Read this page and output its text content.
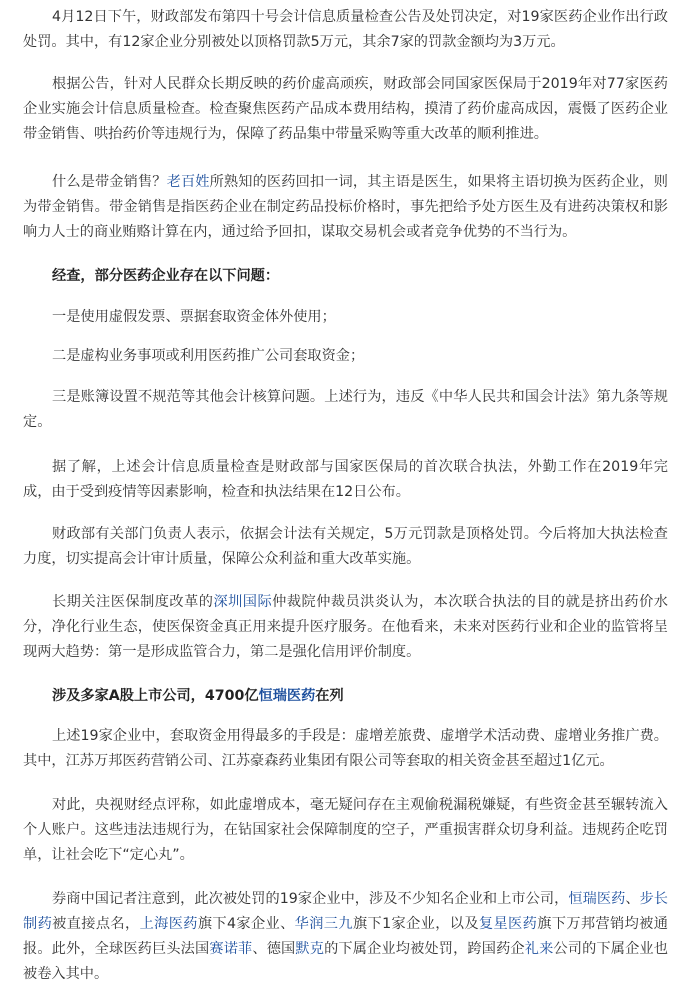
4月12日下午，财政部发布第四十号会计信息质量检查公告及处罚决定，对19家医药企业作出行政处罚。其中，有12家企业分别被处以顶格罚款5万元，其余7家的罚款金额均为3万元。

根据公告，针对人民群众长期反映的药价虚高顽疾，财政部会同国家医保局于2019年对77家医药企业实施会计信息质量检查。检查聚焦医药产品成本费用结构，摸清了药价虚高成因，震慑了医药企业带金销售、哄抬药价等违规行为，保障了药品集中带量采购等重大改革的顺利推进。

什么是带金销售？老百姓所熟知的医药回扣一词，其主语是医生，如果将主语切换为医药企业，则为带金销售。带金销售是指医药企业在制定药品投标价格时，事先把给予处方医生及有进药决策权和影响力人士的商业贿赂计算在内，通过给予回扣，谋取交易机会或者竞争优势的不当行为。

经查，部分医药企业存在以下问题：

一是使用虚假发票、票据套取资金体外使用；

二是虚构业务事项或利用医药推广公司套取资金；

三是账簿设置不规范等其他会计核算问题。上述行为，违反《中华人民共和国会计法》第九条等规定。

据了解，上述会计信息质量检查是财政部与国家医保局的首次联合执法，外勤工作在2019年完成，由于受到疫情等因素影响，检查和执法结果在12日公布。

财政部有关部门负责人表示，依据会计法有关规定，5万元罚款是顶格处罚。今后将加大执法检查力度，切实提高会计审计质量，保障公众利益和重大改革实施。

长期关注医保制度改革的深圳国际仲裁院仲裁员洪炎认为，本次联合执法的目的就是挤出药价水分，净化行业生态，使医保资金真正用来提升医疗服务。在他看来，未来对医药行业和企业的监管将呈现两大趋势：第一是形成监管合力，第二是强化信用评价制度。

涉及多家A股上市公司，4700亿恒瑞医药在列

上述19家企业中，套取资金用得最多的手段是：虚增差旅费、虚增学术活动费、虚增业务推广费。其中，江苏万邦医药营销公司、江苏豪森药业集团有限公司等套取的相关资金甚至超过1亿元。

对此，央视财经点评称，如此虚增成本，毫无疑问存在主观偷税漏税嫌疑，有些资金甚至辗转流入个人账户。这些违法违规行为，在钻国家社会保障制度的空子，严重损害群众切身利益。违规药企吃罚单，让社会吃下“定心丸”。

券商中国记者注意到，此次被处罚的19家企业中，涉及不少知名企业和上市公司，恒瑞医药、步长制药被直接点名，上海医药旗下4家企业、华润三九旗下1家企业，以及复星医药旗下万邦营销均被通报。此外，全球医药巨头法国赛诺菲、德国默克的下属企业均被处罚，跨国药企礼来公司的下属企业也被卷入其中。
